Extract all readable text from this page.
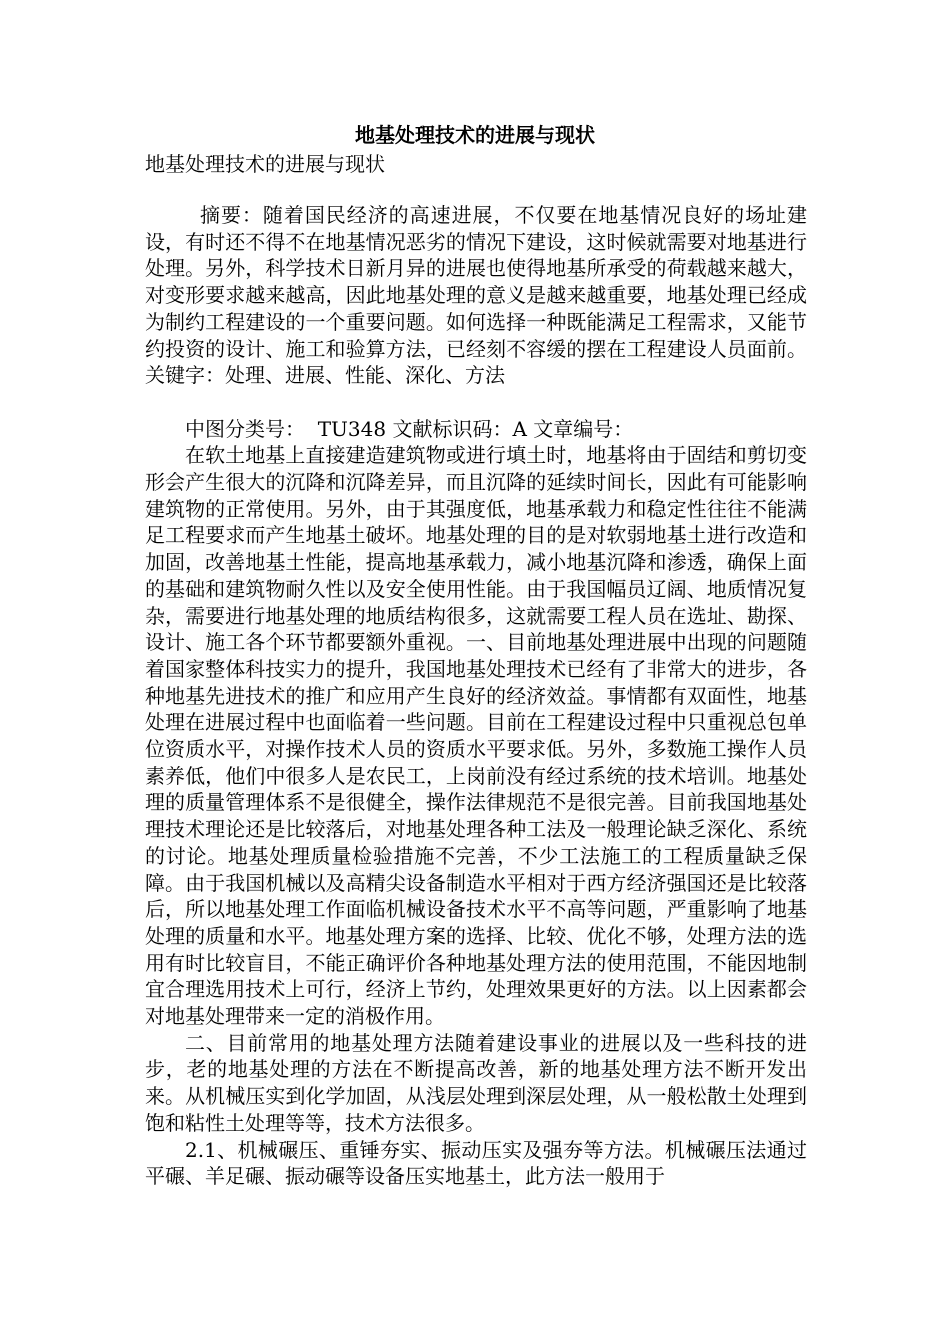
地基处理技术的进展与现状
地基处理技术的进展与现状

摘要：随着国民经济的高速进展，不仅要在地基情况良好的场址建设，有时还不得不在地基情况恶劣的情况下建设，这时候就需要对地基进行处理。另外，科学技术日新月异的进展也使得地基所承受的荷载越来越大，对变形要求越来越高，因此地基处理的意义是越来越重要，地基处理已经成为制约工程建设的一个重要问题。如何选择一种既能满足工程需求，又能节约投资的设计、施工和验算方法，已经刻不容缓的摆在工程建设人员面前。关键字：处理、进展、性能、深化、方法

中图分类号：  TU348 文献标识码：A 文章编号：

在软土地基上直接建造建筑物或进行填土时，地基将由于固结和剪切变形会产生很大的沉降和沉降差异，而且沉降的延续时间长，因此有可能影响建筑物的正常使用。另外，由于其强度低，地基承载力和稳定性往往不能满足工程要求而产生地基土破坏。地基处理的目的是对软弱地基土进行改造和加固，改善地基土性能，提高地基承载力，减小地基沉降和渗透，确保上面的基础和建筑物耐久性以及安全使用性能。由于我国幅员辽阔、地质情况复杂，需要进行地基处理的地质结构很多，这就需要工程人员在选址、勘探、设计、施工各个环节都要额外重视。一、目前地基处理进展中出现的问题随着国家整体科技实力的提升，我国地基处理技术已经有了非常大的进步，各种地基先进技术的推广和应用产生良好的经济效益。事情都有双面性，地基处理在进展过程中也面临着一些问题。目前在工程建设过程中只重视总包单位资质水平，对操作技术人员的资质水平要求低。另外，多数施工操作人员素养低，他们中很多人是农民工，上岗前没有经过系统的技术培训。地基处理的质量管理体系不是很健全，操作法律规范不是很完善。目前我国地基处理技术理论还是比较落后，对地基处理各种工法及一般理论缺乏深化、系统的讨论。地基处理质量检验措施不完善，不少工法施工的工程质量缺乏保障。由于我国机械以及高精尖设备制造水平相对于西方经济强国还是比较落后，所以地基处理工作面临机械设备技术水平不高等问题，严重影响了地基处理的质量和水平。地基处理方案的选择、比较、优化不够，处理方法的选用有时比较盲目，不能正确评价各种地基处理方法的使用范围，不能因地制宜合理选用技术上可行，经济上节约，处理效果更好的方法。以上因素都会对地基处理带来一定的消极作用。

二、目前常用的地基处理方法随着建设事业的进展以及一些科技的进步，老的地基处理的方法在不断提高改善，新的地基处理方法不断开发出来。从机械压实到化学加固，从浅层处理到深层处理，从一般松散土处理到饱和粘性土处理等等，技术方法很多。

2.1、机械碾压、重锤夯实、振动压实及强夯等方法。机械碾压法通过平碾、羊足碾、振动碾等设备压实地基土，此方法一般用于
